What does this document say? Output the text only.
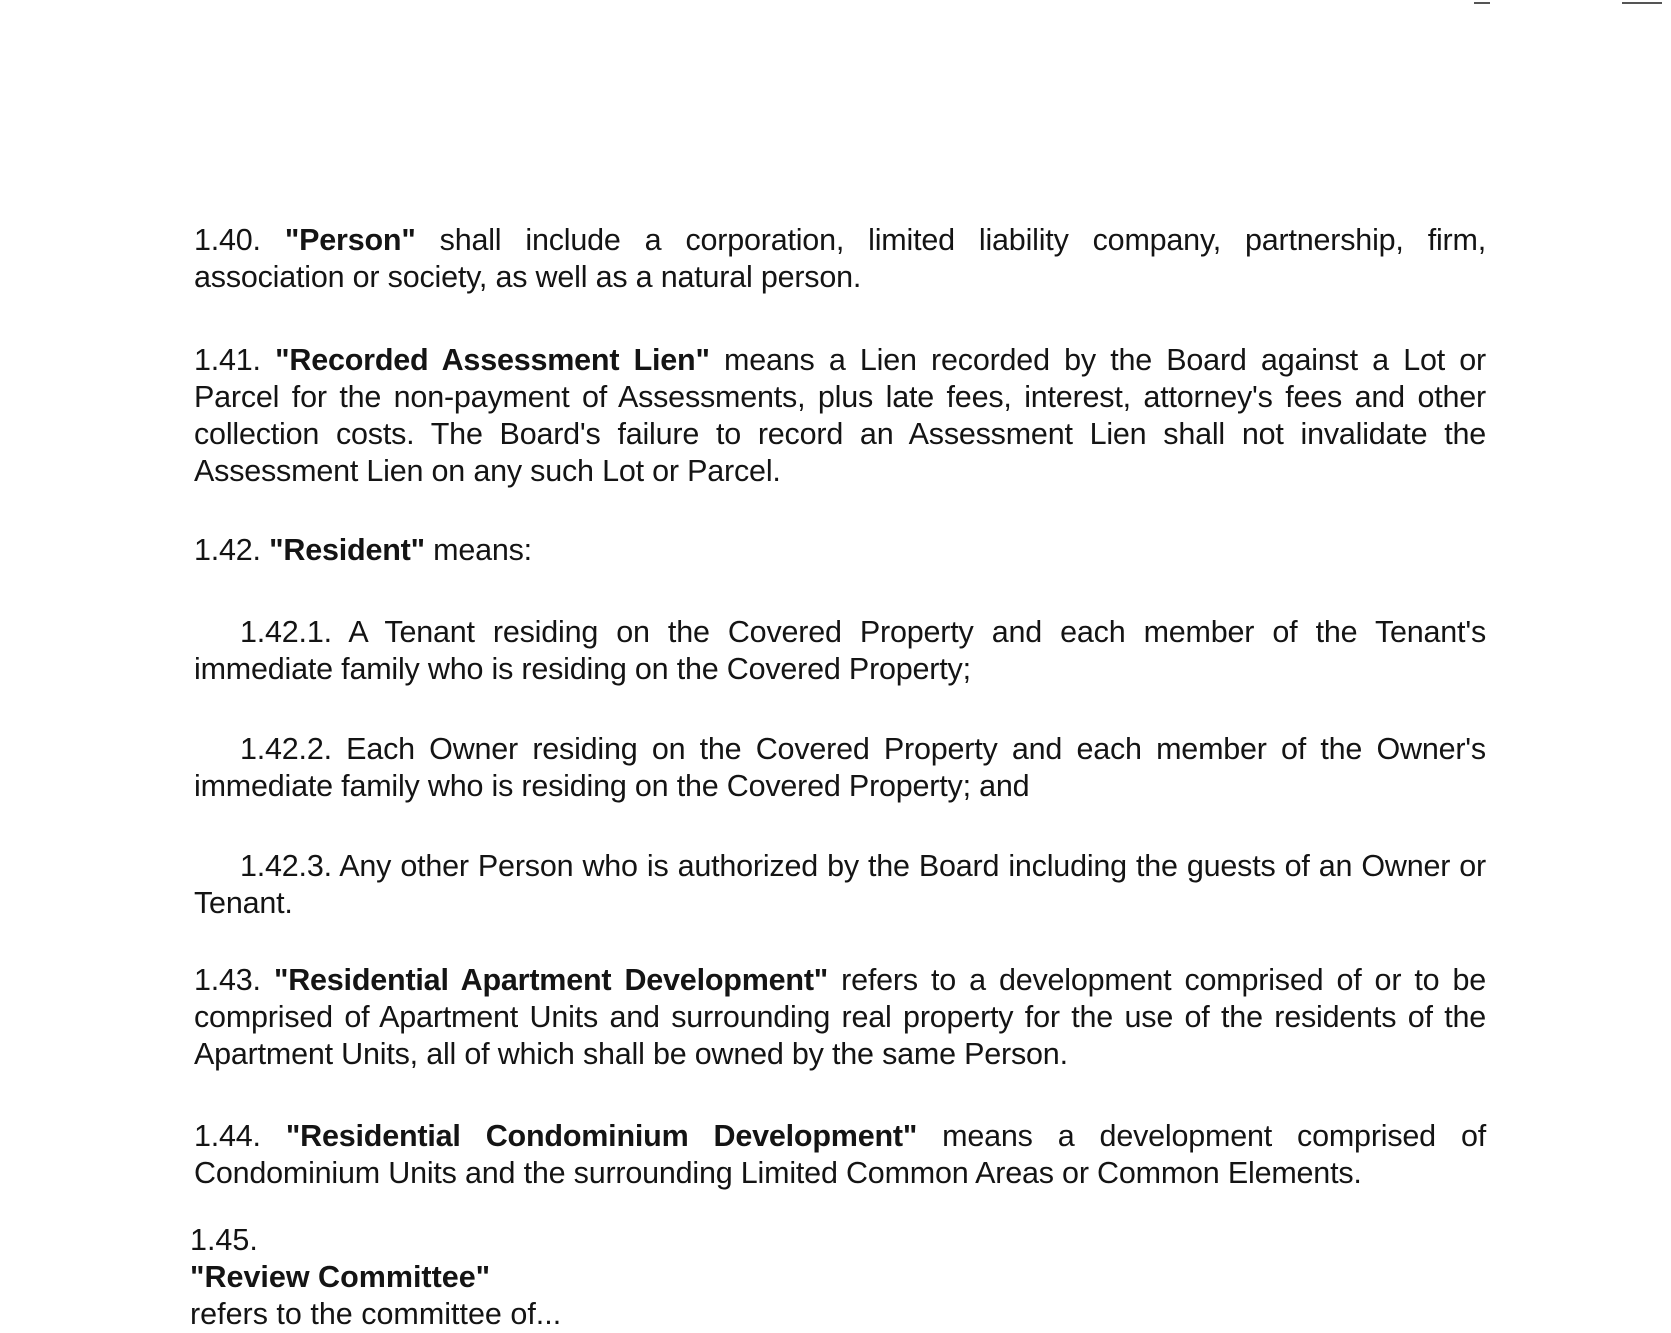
1.40. "Person" shall include a corporation, limited liability company, partnership, firm, association or society, as well as a natural person.

1.41. "Recorded Assessment Lien" means a Lien recorded by the Board against a Lot or Parcel for the non-payment of Assessments, plus late fees, interest, attorney's fees and other collection costs. The Board's failure to record an Assessment Lien shall not invalidate the Assessment Lien on any such Lot or Parcel.

1.42. "Resident" means:

1.42.1. A Tenant residing on the Covered Property and each member of the Tenant's immediate family who is residing on the Covered Property;

1.42.2. Each Owner residing on the Covered Property and each member of the Owner's immediate family who is residing on the Covered Property; and

1.42.3. Any other Person who is authorized by the Board including the guests of an Owner or Tenant.

1.43. "Residential Apartment Development" refers to a development comprised of or to be comprised of Apartment Units and surrounding real property for the use of the residents of the Apartment Units, all of which shall be owned by the same Person.

1.44. "Residential Condominium Development" means a development comprised of Condominium Units and the surrounding Limited Common Areas or Common Elements.

1.45.
"Review Committee"
refers to the committee of...
